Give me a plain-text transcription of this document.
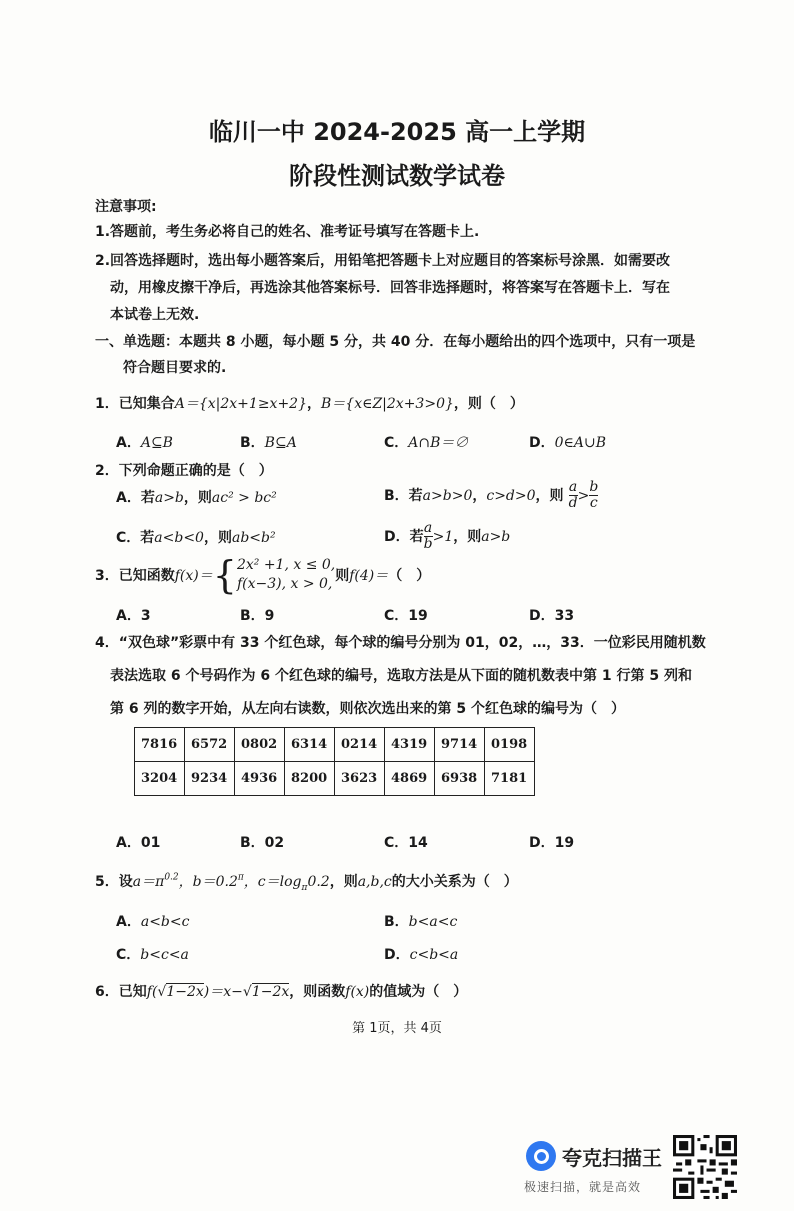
临川一中 2024-2025 高一上学期
阶段性测试数学试卷
注意事项:
1.答题前，考生务必将自己的姓名、准考证号填写在答题卡上.
2.回答选择题时，选出每小题答案后，用铅笔把答题卡上对应题目的答案标号涂黑．如需要改
动，用橡皮擦干净后，再选涂其他答案标号．回答非选择题时，将答案写在答题卡上．写在
本试卷上无效.
一、单选题：本题共 8 小题，每小题 5 分，共 40 分．在每小题给出的四个选项中，只有一项是
符合题目要求的.
1．已知集合A＝{x|2x+1≥x+2}，B＝{x∈Z|2x+3>0}，则（　）
A．A⊆B	B．B⊆A	C．A∩B＝∅	D．0∈A∪B
2．下列命题正确的是（　）
A．若a>b，则ac² > bc²	B．若a>b>0，c>d>0，则 $\frac{a}{d} > \frac{b}{c}$
C．若a<b<0，则ab<b²	D．若 $\frac{a}{b} >1$，则a>b
3．已知函数f(x)＝{ 2x² +1, x ≤ 0,
f(x−3), x > 0, 则f(4)＝（　）
A．3	B．9	C．19	D．33
4．“双色球”彩票中有 33 个红色球，每个球的编号分别为 01，02，…，33．一位彩民用随机数
表法选取 6 个号码作为 6 个红色球的编号，选取方法是从下面的随机数表中第 1 行第 5 列和
第 6 列的数字开始，从左向右读数，则依次选出来的第 5 个红色球的编号为（　）
7816	6572	0802	6314	0214	4319	9714	0198
3204	9234	4936	8200	3623	4869	6938	7181
A．01	B．02	C．14	D．19
5．设$a=\pi^{0.2}$，$b=0.2^\pi$，$c=\log_\pi 0.2$，则a,b,c的大小关系为（　）
A．a<b<c	B．b<a<c
C．b<c<a	D．c<b<a
6．已知f(√1−2x)＝x−√1−2x，则函数f(x)的值域为（　）
第 1页，共 4页
夸克扫描王
极速扫描，就是高效
